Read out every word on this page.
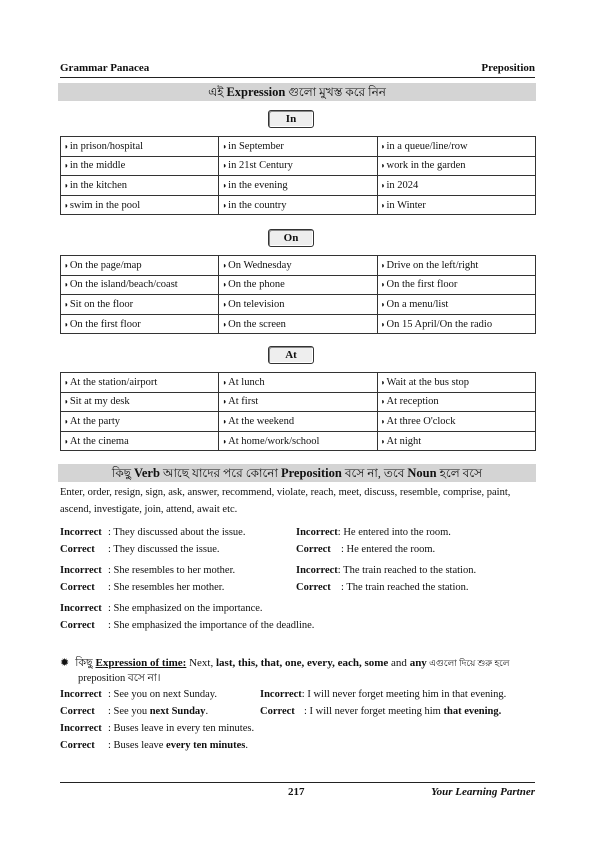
Grammar Panacea	Preposition
এই Expression গুলো মুখস্ত করে নিন
In
◗in prison/hospital	◗in September	◗in a queue/line/row
◗in the middle	◗in 21st Century	◗work in the garden
◗in the kitchen	◗in the evening	◗in 2024
◗swim in the pool	◗in the country	◗in Winter
On
◗On the page/map	◗On Wednesday	◗Drive on the left/right
◗On the island/beach/coast	◗On the phone	◗On the first floor
◗Sit on the floor	◗On television	◗On a menu/list
◗On the first floor	◗On the screen	◗On 15 April/On the radio
At
◗At the station/airport	◗At lunch	◗Wait at the bus stop
◗Sit at my desk	◗At first	◗At reception
◗At the party	◗At the weekend	◗At three O'clock
◗At the cinema	◗At home/work/school	◗At night
কিছু Verb আছে যাদের পরে কোনো Preposition বসে না, তবে Noun হলে বসে
Enter, order, resign, sign, ask, answer, recommend, violate, reach, meet, discuss, resemble, comprise, paint,
ascend, investigate, join, attend, await etc.
Incorrect : They discussed about the issue.
Correct : They discussed the issue.
Incorrect: He entered into the room.
Correct : He entered the room.
Incorrect : She resembles to her mother.
Correct : She resembles her mother.
Incorrect: The train reached to the station.
Correct : The train reached the station.
Incorrect : She emphasized on the importance.
Correct : She emphasized the importance of the deadline.
✹ কিছু Expression of time: Next, last, this, that, one, every, each, some and any এগুলো দিয়ে শুরু হলে
preposition বসে না।
Incorrect : See you on next Sunday.
Correct : See you next Sunday.
Incorrect: I will never forget meeting him in that evening.
Correct : I will never forget meeting him that evening.
Incorrect : Buses leave in every ten minutes.
Correct : Buses leave every ten minutes.
217	Your Learning Partner
